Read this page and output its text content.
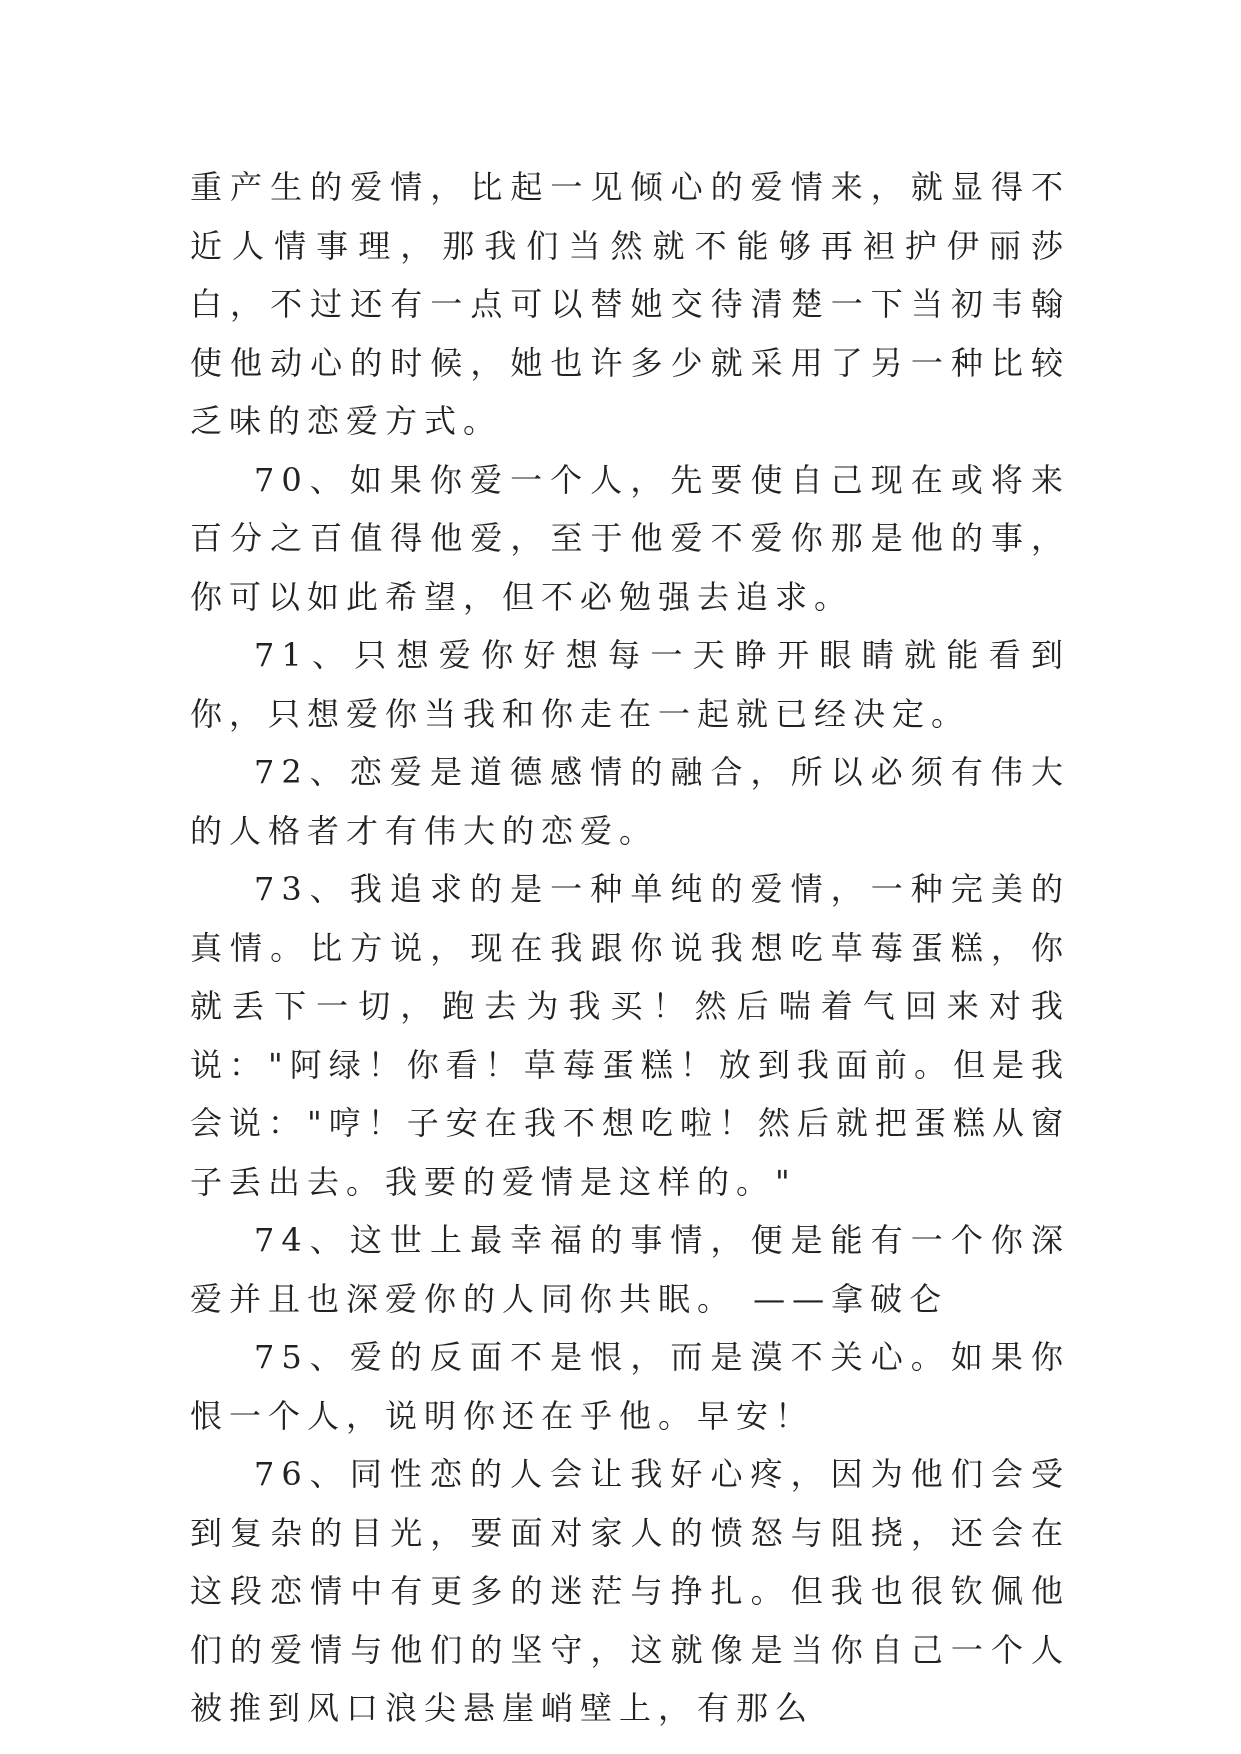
重产生的爱情，比起一见倾心的爱情来，就显得不近人情事理，那我们当然就不能够再袒护伊丽莎白，不过还有一点可以替她交待清楚一下当初韦翰使他动心的时候，她也许多少就采用了另一种比较乏味的恋爱方式。

70、如果你爱一个人，先要使自己现在或将来百分之百值得他爱，至于他爱不爱你那是他的事，你可以如此希望，但不必勉强去追求。

71、只想爱你好想每一天睁开眼睛就能看到你，只想爱你当我和你走在一起就已经决定。

72、恋爱是道德感情的融合，所以必须有伟大的人格者才有伟大的恋爱。

73、我追求的是一种单纯的爱情，一种完美的真情。比方说，现在我跟你说我想吃草莓蛋糕，你就丢下一切，跑去为我买！然后喘着气回来对我说："阿绿！你看！草莓蛋糕！放到我面前。但是我会说："哼！子安在我不想吃啦！然后就把蛋糕从窗子丢出去。我要的爱情是这样的。"

74、这世上最幸福的事情，便是能有一个你深爱并且也深爱你的人同你共眠。 ——拿破仑

75、爱的反面不是恨，而是漠不关心。如果你恨一个人，说明你还在乎他。早安！

76、同性恋的人会让我好心疼，因为他们会受到复杂的目光，要面对家人的愤怒与阻挠，还会在这段恋情中有更多的迷茫与挣扎。但我也很钦佩他们的爱情与他们的坚守，这就像是当你自己一个人被推到风口浪尖悬崖峭壁上，有那么
